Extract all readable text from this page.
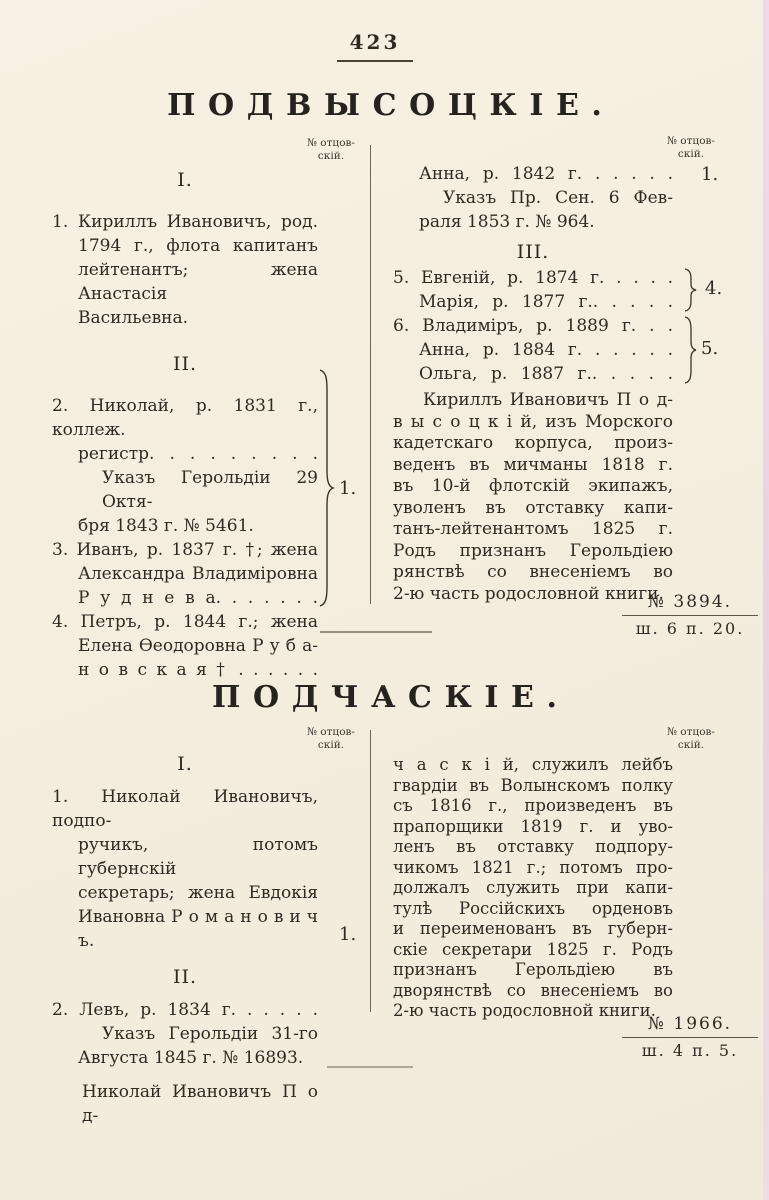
423
ПОДВЫСОЦКІЕ.
№ отцов-
скій.
№ отцов-
скій.
I.
1. Кириллъ Ивановичъ, род.
1794 г., флота капитанъ
лейтенантъ; жена Анастасія
Васильевна.
II.
2. Николай, р. 1831 г., коллеж.
регистр. . . . . . . . .
Указъ Герольдіи 29 Октя-
бря 1843 г. № 5461.
3. Иванъ, р. 1837 г. †; жена
Александра Владиміровна
Р у д н е в а. . . . . . .
4. Петръ, р. 1844 г.; жена
Елена Ѳеодоровна Р у б а-
н о в с к а я † . . . . . .
1.
Анна, р. 1842 г. . . . . .
Указъ Пр. Сен. 6 Фев-
раля 1853 г. № 964.
III.
5. Евгеній, р. 1874 г. . . . .
Марія, р. 1877 г.. . . . .
6. Владиміръ, р. 1889 г. . .
Анна, р. 1884 г. . . . . .
Ольга, р. 1887 г.. . . . .
1.
4.
5.
Кириллъ Ивановичъ П о д-
в ы с о ц к і й, изъ Морского
кадетскаго корпуса, произ-
веденъ въ мичманы 1818 г.
въ 10-й флотскій экипажъ,
уволенъ въ отставку капи-
танъ-лейтенантомъ 1825 г.
Родъ признанъ Герольдіею
рянствѣ со внесеніемъ во
2-ю часть родословной книги.
№ 3894.
ш. 6 п. 20.
ПОДЧАСКІЕ.
№ отцов-
скій.
№ отцов-
скій.
I.
1. Николай Ивановичъ, подпо-
ручикъ, потомъ губернскій
секретарь; жена Евдокія
Ивановна Р о м а н о в и ч ъ.
II.
2. Левъ, р. 1834 г. . . . . .
Указъ Герольдіи 31-го
Августа 1845 г. № 16893.
Николай Ивановичъ П о д-
1.
ч а с к і й, служилъ лейбъ
гвардіи въ Волынскомъ полку
съ 1816 г., произведенъ въ
прапорщики 1819 г. и уво-
ленъ въ отставку подпору-
чикомъ 1821 г.; потомъ про-
должалъ служить при капи-
тулѣ Россійскихъ орденовъ
и переименованъ въ губерн-
скіе секретари 1825 г. Родъ
признанъ Герольдіею въ
дворянствѣ со внесеніемъ во
2-ю часть родословной книги.
№ 1966.
ш. 4 п. 5.
